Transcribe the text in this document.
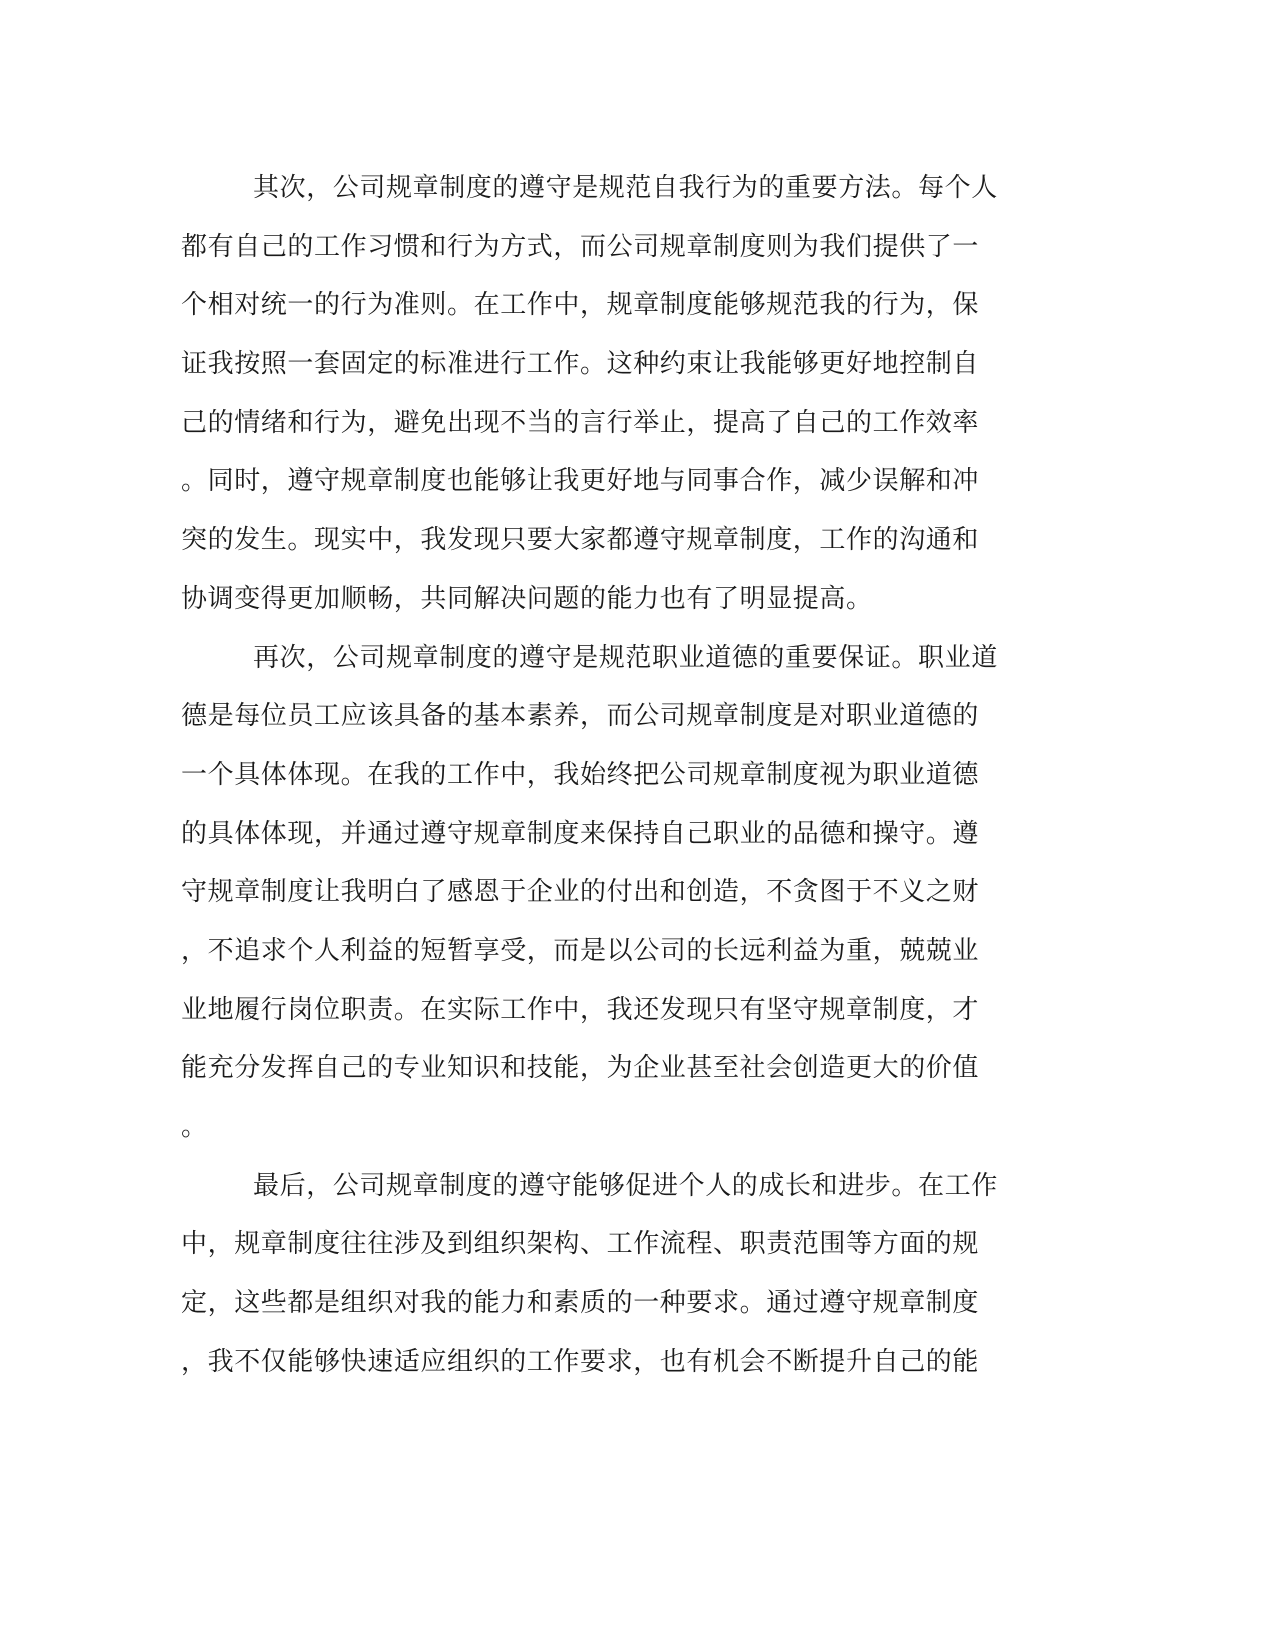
其次，公司规章制度的遵守是规范自我行为的重要方法。每个人
都有自己的工作习惯和行为方式，而公司规章制度则为我们提供了一
个相对统一的行为准则。在工作中，规章制度能够规范我的行为，保
证我按照一套固定的标准进行工作。这种约束让我能够更好地控制自
己的情绪和行为，避免出现不当的言行举止，提高了自己的工作效率
。同时，遵守规章制度也能够让我更好地与同事合作，减少误解和冲
突的发生。现实中，我发现只要大家都遵守规章制度，工作的沟通和
协调变得更加顺畅，共同解决问题的能力也有了明显提高。
再次，公司规章制度的遵守是规范职业道德的重要保证。职业道
德是每位员工应该具备的基本素养，而公司规章制度是对职业道德的
一个具体体现。在我的工作中，我始终把公司规章制度视为职业道德
的具体体现，并通过遵守规章制度来保持自己职业的品德和操守。遵
守规章制度让我明白了感恩于企业的付出和创造，不贪图于不义之财
，不追求个人利益的短暂享受，而是以公司的长远利益为重，兢兢业
业地履行岗位职责。在实际工作中，我还发现只有坚守规章制度，才
能充分发挥自己的专业知识和技能，为企业甚至社会创造更大的价值
。
最后，公司规章制度的遵守能够促进个人的成长和进步。在工作
中，规章制度往往涉及到组织架构、工作流程、职责范围等方面的规
定，这些都是组织对我的能力和素质的一种要求。通过遵守规章制度
，我不仅能够快速适应组织的工作要求，也有机会不断提升自己的能
